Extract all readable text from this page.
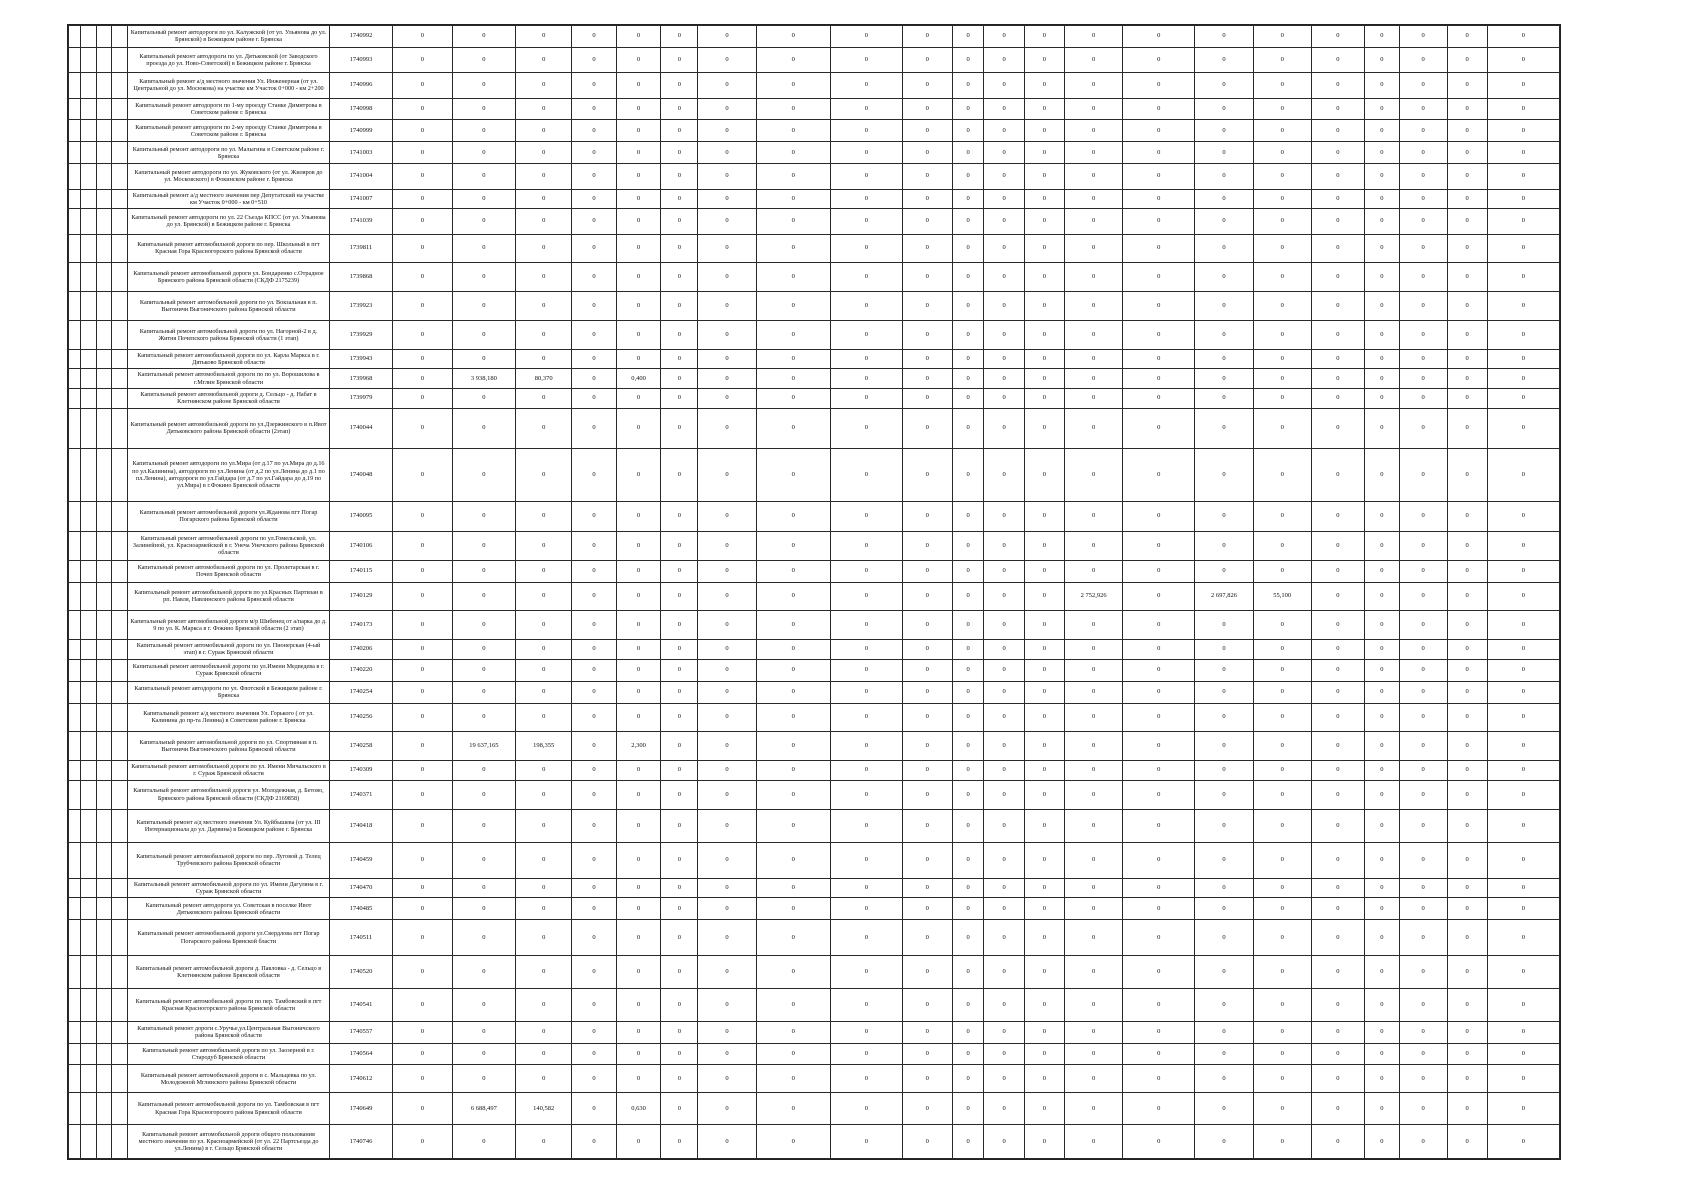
				Капитальный ремонт автодороги по ул. Калужской (от ул. Ульянова до ул. Брянской) в Бежицком районе г. Брянска	1740992	0	0	0	0	0	0	0	0	0	0	0	0	0	0	0	0	0	0	0	0	0	0
				Капитальный ремонт автодороги по ул. Дятьковской (от Заводского проезда до ул. Ново-Советской) в Бежицком районе г. Брянска	1740993	0	0	0	0	0	0	0	0	0	0	0	0	0	0	0	0	0	0	0	0	0	0
				Капитальный ремонт а/д местного значения Ул. Инженерная (от ул. Центральной до ул. Мосюкова) на участке км Участок 0+000 - км 2+200	1740996	0	0	0	0	0	0	0	0	0	0	0	0	0	0	0	0	0	0	0	0	0	0
				Капитальный ремонт автодороги по 1-му проезду Станке Димитрова в Советском районе г. Брянска	1740998	0	0	0	0	0	0	0	0	0	0	0	0	0	0	0	0	0	0	0	0	0	0
				Капитальный ремонт автодороги по 2-му проезду Станке Димитрова в Советском районе г. Брянска	1740999	0	0	0	0	0	0	0	0	0	0	0	0	0	0	0	0	0	0	0	0	0	0
				Капитальный ремонт автодороги по ул. Малыгина в Советском районе г. Брянска	1741003	0	0	0	0	0	0	0	0	0	0	0	0	0	0	0	0	0	0	0	0	0	0
				Капитальный ремонт автодороги по ул. Жуковского (от ул. Жиляров до ул. Московского) в Фокинском районе г. Брянска	1741004	0	0	0	0	0	0	0	0	0	0	0	0	0	0	0	0	0	0	0	0	0	0
				Капитальный ремонт а/д местного значения пер Депутатский на участке км Участок 0+000 - км 0+510	1741007	0	0	0	0	0	0	0	0	0	0	0	0	0	0	0	0	0	0	0	0	0	0
				Капитальный ремонт автодороги по ул. 22 Съезда КПСС (от ул. Ульянова до ул. Брянской) в Бежицком районе г. Брянска	1741039	0	0	0	0	0	0	0	0	0	0	0	0	0	0	0	0	0	0	0	0	0	0
				Капитальный ремонт автомобильной дороги по пер. Школьный в пгт Красная Гора Красногорского района Брянской области	1739811	0	0	0	0	0	0	0	0	0	0	0	0	0	0	0	0	0	0	0	0	0	0
				Капитальный ремонт автомобильной дороги ул. Бондаренко с.Отрадное Брянского района Брянской области (СКДФ 2175239)	1739868	0	0	0	0	0	0	0	0	0	0	0	0	0	0	0	0	0	0	0	0	0	0
				Капитальный ремонт автомобильной дороги по ул. Вокзальная в п. Выгоничи Выгоничского района Брянской области	1739923	0	0	0	0	0	0	0	0	0	0	0	0	0	0	0	0	0	0	0	0	0	0
				Капитальный ремонт автомобильной дороги по ул. Нагорной-2 в д. Житня Почепского района Брянской области (1 этап)	1739929	0	0	0	0	0	0	0	0	0	0	0	0	0	0	0	0	0	0	0	0	0	0
				Капитальный ремонт автомобильной дороги по ул. Карла Маркса в г. Дятьково Брянской области	1739943	0	0	0	0	0	0	0	0	0	0	0	0	0	0	0	0	0	0	0	0	0	0
				Капитальный ремонт автомобильной дороги по по ул. Ворошилова в г.Мглин Брянской области	1739968	0	3 938,180	80,370	0	0,400	0	0	0	0	0	0	0	0	0	0	0	0	0	0	0	0	0
				Капитальный ремонт автомобильной дороги д. Сельцо - д. Набат в Клетнянском районе Брянской области	1739979	0	0	0	0	0	0	0	0	0	0	0	0	0	0	0	0	0	0	0	0	0	0
				Капитальный ремонт автомобильной дороги по ул.Дзержинского в п.Ивот Дятьковского района Брянской области (2этап)	1740044	0	0	0	0	0	0	0	0	0	0	0	0	0	0	0	0	0	0	0	0	0	0
				Капитальный ремонт автодороги по ул.Мира (от д.17 по ул.Мира до д.16 по ул.Калинина), автодороги по ул.Ленина (от д.2 по ул.Ленина до д.1 по пл.Ленина), автодороги по ул.Гайдара (от д.7 по ул.Гайдара до д.19 по ул.Мира) в г.Фокино Брянской области	1740048	0	0	0	0	0	0	0	0	0	0	0	0	0	0	0	0	0	0	0	0	0	0
				Капитальный ремонт автомобильной дороги ул.Жданова пгт Погар Погарского района Брянской области	1740095	0	0	0	0	0	0	0	0	0	0	0	0	0	0	0	0	0	0	0	0	0	0
				Капитальный ремонт автомобильной дороги по ул.Гомельской, ул. Залинейной, ул. Красноармейской в г. Унеча Унечского района Брянской области	1740106	0	0	0	0	0	0	0	0	0	0	0	0	0	0	0	0	0	0	0	0	0	0
				Капитальный ремонт автомобильной дороги по ул. Пролетарская в г. Почеп Брянской области	1740115	0	0	0	0	0	0	0	0	0	0	0	0	0	0	0	0	0	0	0	0	0	0
				Капитальный ремонт автомобильной дороги по ул.Красных Партизан в рп. Навля, Навлинского района Брянской области	1740129	0	0	0	0	0	0	0	0	0	0	0	0	0	2 752,926	0	2 697,826	55,100	0	0	0	0	0
				Капитальный ремонт автомобильной дороги м/р Шибенец от а/парка до д. 9 по ул. К. Маркса в г. Фокино Брянской области (2 этап)	1740173	0	0	0	0	0	0	0	0	0	0	0	0	0	0	0	0	0	0	0	0	0	0
				Капитальный ремонт автомобильной дороги по ул. Пионерская (4-ый этап) в г. Сураж Брянской области	1740206	0	0	0	0	0	0	0	0	0	0	0	0	0	0	0	0	0	0	0	0	0	0
				Капитальный ремонт автомобильной дороги по ул.Имени Медведева в г. Сураж Брянской области	1740220	0	0	0	0	0	0	0	0	0	0	0	0	0	0	0	0	0	0	0	0	0	0
				Капитальный ремонт автодороги по ул. Флотской в Бежицком районе г. Брянска	1740254	0	0	0	0	0	0	0	0	0	0	0	0	0	0	0	0	0	0	0	0	0	0
				Капитальный ремонт а/д местного значения Ул. Горького ( от ул. Калинина до пр-та Ленина) в Советском районе г. Брянска	1740256	0	0	0	0	0	0	0	0	0	0	0	0	0	0	0	0	0	0	0	0	0	0
				Капитальный ремонт автомобильной дороги по ул. Спортивная в п. Выгоничи Выгоничского района Брянской области	1740258	0	19 637,165	198,355	0	2,300	0	0	0	0	0	0	0	0	0	0	0	0	0	0	0	0	0
				Капитальный ремонт автомобильной дороги по ул. Имени Мичальского в г. Сураж Брянской области	1740309	0	0	0	0	0	0	0	0	0	0	0	0	0	0	0	0	0	0	0	0	0	0
				Капитальный ремонт автомобильной дороги ул. Молодежная, д. Бетово, Брянского района Брянской области (СКДФ 2169858)	1740371	0	0	0	0	0	0	0	0	0	0	0	0	0	0	0	0	0	0	0	0	0	0
				Капитальный ремонт а/д местного значения Ул. Куйбышева (от ул. III Интернационала до ул. Дарвина) в Бежицком районе г. Брянска	1740418	0	0	0	0	0	0	0	0	0	0	0	0	0	0	0	0	0	0	0	0	0	0
				Капитальный ремонт автомобильной дороги по пер. Луговой д. Телец Трубчевского района Брянской области	1740459	0	0	0	0	0	0	0	0	0	0	0	0	0	0	0	0	0	0	0	0	0	0
				Капитальный ремонт автомобильной дороги по ул. Имени Дагуляна в г. Сураж Брянской области	1740470	0	0	0	0	0	0	0	0	0	0	0	0	0	0	0	0	0	0	0	0	0	0
				Капитальный ремонт автодороги ул. Советская в поселке Ивот Дятьковского района Брянской области	1740485	0	0	0	0	0	0	0	0	0	0	0	0	0	0	0	0	0	0	0	0	0	0
				Капитальный ремонт автомобильной дороги ул.Свердлова пгт Погар Погарского района Брянской бласти	1740511	0	0	0	0	0	0	0	0	0	0	0	0	0	0	0	0	0	0	0	0	0	0
				Капитальный ремонт автомобильной дороги д. Павловка - д. Сельцо в Клетнянском районе Брянской области	1740520	0	0	0	0	0	0	0	0	0	0	0	0	0	0	0	0	0	0	0	0	0	0
				Капитальный ремонт автомобильной дороги по пер. Тамбовский в пгт Красная Красногорского района Брянской области	1740541	0	0	0	0	0	0	0	0	0	0	0	0	0	0	0	0	0	0	0	0	0	0
				Капитальный ремонт дороги с.Уручье,ул.Центральная Выгоничского района Брянской области	1740557	0	0	0	0	0	0	0	0	0	0	0	0	0	0	0	0	0	0	0	0	0	0
				Капитальный ремонт автомобильной дороги по ул. Заозерной в г. Стародуб Брянской области	1740564	0	0	0	0	0	0	0	0	0	0	0	0	0	0	0	0	0	0	0	0	0	0
				Капитальный ремонт автомобильной дороги в с. Мальцевка по ул. Молодежной Мглинского района Брянской области	1740612	0	0	0	0	0	0	0	0	0	0	0	0	0	0	0	0	0	0	0	0	0	0
				Капитальный ремонт автомобильной дороги по ул. Тамбовская в пгт Красная Гора Красногорского района Брянской области	1740649	0	6 688,497	140,582	0	0,630	0	0	0	0	0	0	0	0	0	0	0	0	0	0	0	0	0
				Капитальный ремонт автомобильной дороги общего пользования местного значения по ул. Красноармейской (от ул. 22 Партсъезда до ул.Ленина) в г. Сельцо Брянской области	1740746	0	0	0	0	0	0	0	0	0	0	0	0	0	0	0	0	0	0	0	0	0	0
